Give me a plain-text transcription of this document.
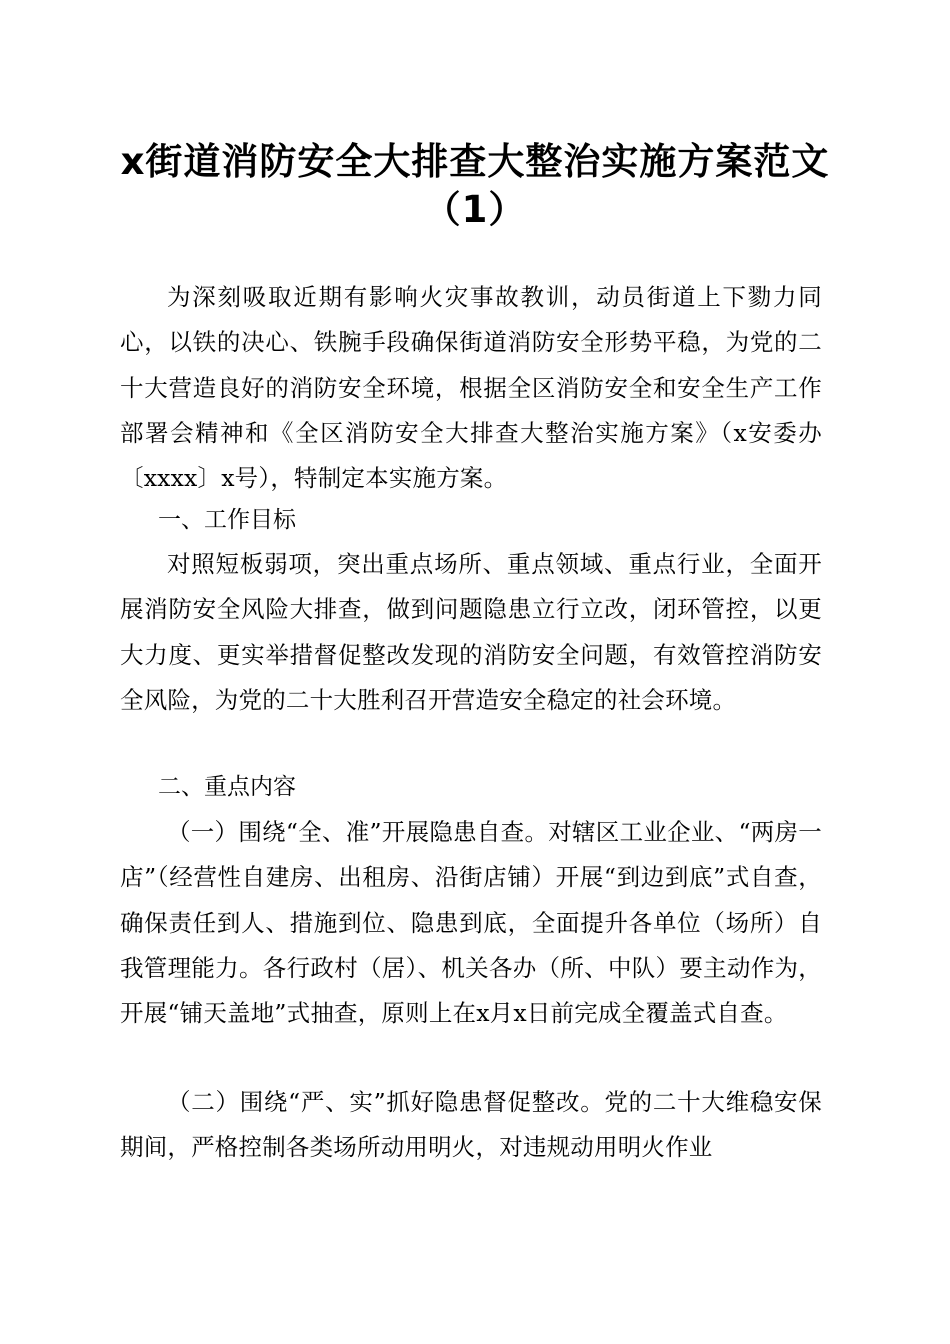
x街道消防安全大排查大整治实施方案范文
（1）

为深刻吸取近期有影响火灾事故教训，动员街道上下勠力同心，以铁的决心、铁腕手段确保街道消防安全形势平稳，为党的二十大营造良好的消防安全环境，根据全区消防安全和安全生产工作部署会精神和《全区消防安全大排查大整治实施方案》（x安委办〔xxxx〕x号），特制定本实施方案。

一、工作目标

对照短板弱项，突出重点场所、重点领域、重点行业，全面开展消防安全风险大排查，做到问题隐患立行立改，闭环管控，以更大力度、更实举措督促整改发现的消防安全问题，有效管控消防安全风险，为党的二十大胜利召开营造安全稳定的社会环境。

二、重点内容

（一）围绕“全、准”开展隐患自查。对辖区工业企业、“两房一店”（经营性自建房、出租房、沿街店铺）开展“到边到底”式自查，确保责任到人、措施到位、隐患到底，全面提升各单位（场所）自我管理能力。各行政村（居）、机关各办（所、中队）要主动作为，开展“铺天盖地”式抽查，原则上在x月x日前完成全覆盖式自查。

（二）围绕“严、实”抓好隐患督促整改。党的二十大维稳安保期间，严格控制各类场所动用明火，对违规动用明火作业
